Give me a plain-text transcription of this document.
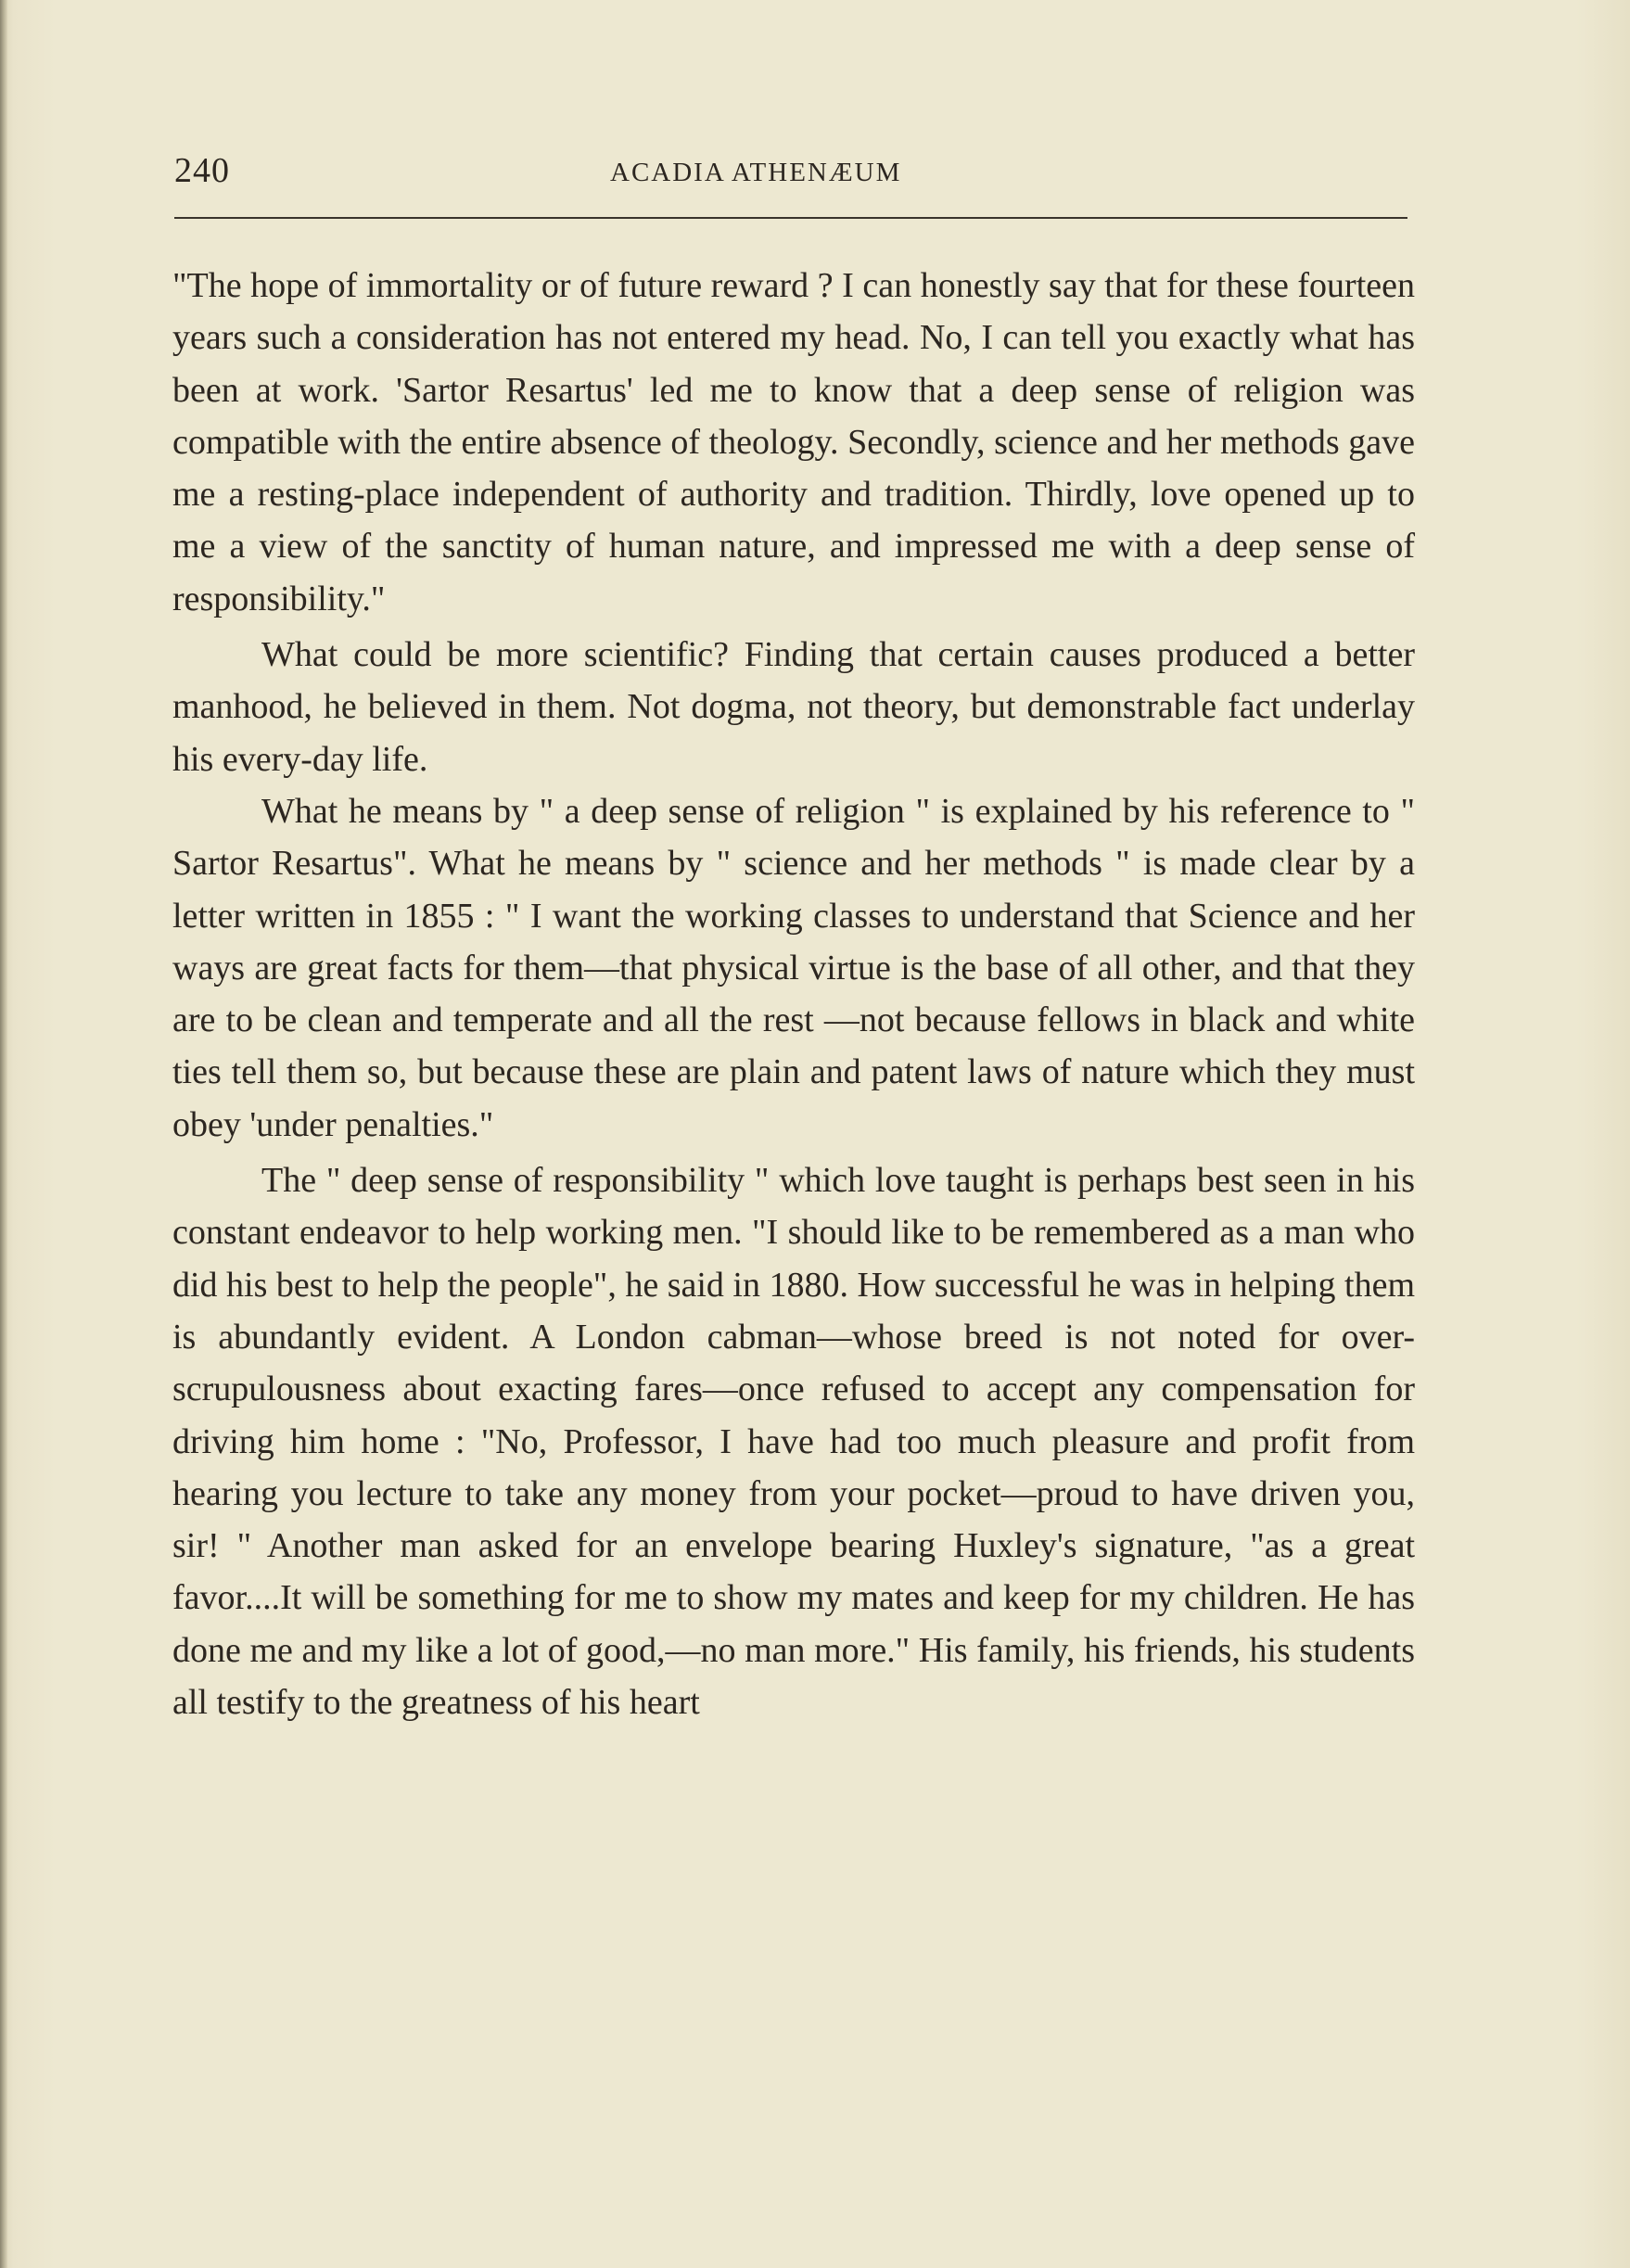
240	ACADIA ATHENÆUM

"The hope of immortality or of future reward ? I can honestly say that for these fourteen years such a consideration has not entered my head. No, I can tell you exactly what has been at work. 'Sartor Resartus' led me to know that a deep sense of religion was compatible with the entire absence of theology. Secondly, science and her methods gave me a resting-place independent of authority and tradition. Thirdly, love opened up to me a view of the sanctity of human nature, and impressed me with a deep sense of responsibility."

What could be more scientific? Finding that certain causes produced a better manhood, he believed in them. Not dogma, not theory, but demonstrable fact underlay his every-day life.

What he means by " a deep sense of religion " is explained by his reference to " Sartor Resartus". What he means by " science and her methods " is made clear by a letter written in 1855 : " I want the working classes to understand that Science and her ways are great facts for them—that physical virtue is the base of all other, and that they are to be clean and temperate and all the rest —not because fellows in black and white ties tell them so, but because these are plain and patent laws of nature which they must obey 'under penalties."

The " deep sense of responsibility " which love taught is perhaps best seen in his constant endeavor to help working men. "I should like to be remembered as a man who did his best to help the people", he said in 1880. How successful he was in helping them is abundantly evident. A London cabman—whose breed is not noted for over-scrupulousness about exacting fares—once refused to accept any compensation for driving him home : "No, Professor, I have had too much pleasure and profit from hearing you lecture to take any money from your pocket—proud to have driven you, sir! " Another man asked for an envelope bearing Huxley's signature, "as a great favor....It will be something for me to show my mates and keep for my children. He has done me and my like a lot of good,—no man more." His family, his friends, his students all testify to the greatness of his heart
